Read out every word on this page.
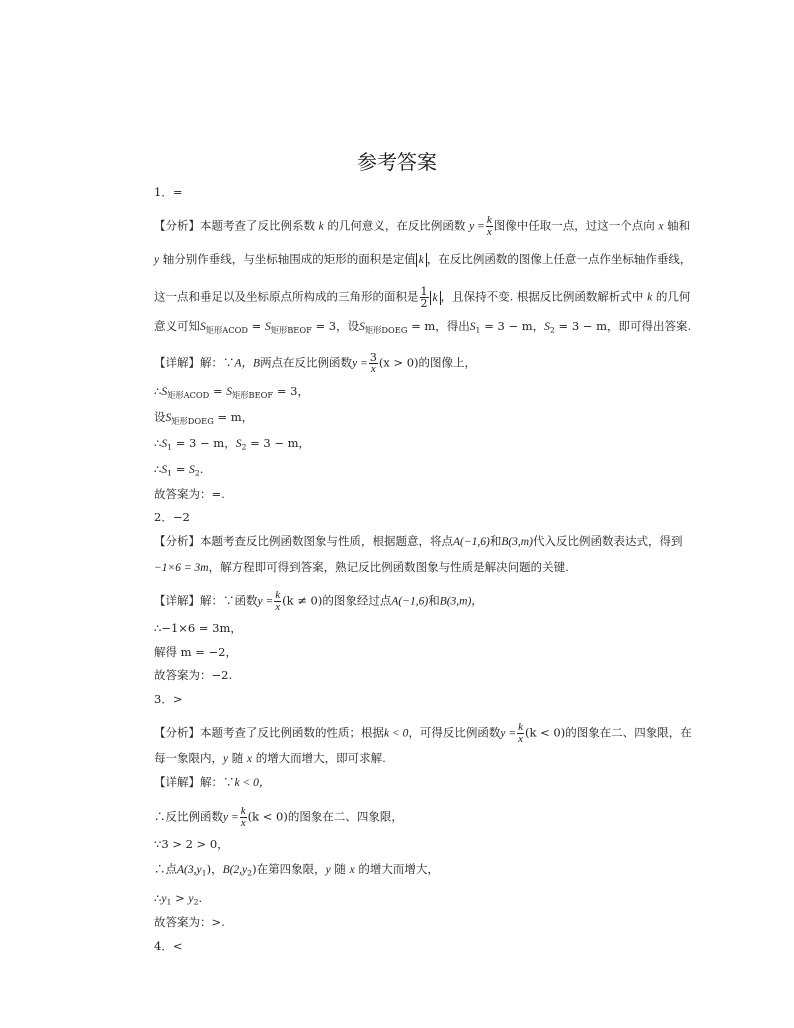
参考答案
1．=
【分析】本题考查了反比例系数 k 的几何意义，在反比例函数 $y = \frac{k}{x}$ 图像中任取一点，过这一个点向 x 轴和
y 轴分别作垂线，与坐标轴围成的矩形的面积是定值 k ，在反比例函数的图像上任意一点作坐标轴作垂线，
这一点和垂足以及坐标原点所构成的三角形的面积是 $\frac{1}{2}$ k ，且保持不变. 根据反比例函数解析式中 k 的几何
意义可知$S_{矩形ACOD} = S_{矩形BEOF} = 3$，设$S_{矩形DOEG} = m$，得出$S_1 = 3 - m$，$S_2 = 3 - m$，即可得出答案.
【详解】解：∵A，B两点在反比例函数$y = \frac{3}{x} (x > 0)$的图像上，
$\therefore S_{矩形ACOD} = S_{矩形BEOF} = 3$，
设$S_{矩形DOEG} = m$，
$\therefore S_1 = 3 - m$，$S_2 = 3 - m$，
$\therefore S_1 = S_2$.
故答案为：=.
2．−2
【分析】本题考查反比例函数图象与性质，根据题意，将点A(−1,6)和B(3,m)代入反比例函数表达式，得到
−1×6 = 3m，解方程即可得到答案，熟记反比例函数图象与性质是解决问题的关键.
【详解】解：∵函数$y = \frac{k}{x} (k \ne 0)$的图象经过点A(−1,6)和B(3,m)，
∴−1×6 = 3m，
解得 m = −2，
故答案为：−2.
3．>
【分析】本题考查了反比例函数的性质；根据k < 0，可得反比例函数$y = \frac{k}{x} (k < 0)$的图象在二、四象限，在
每一象限内，y 随 x 的增大而增大，即可求解.
【详解】解：∵k < 0，
∴反比例函数$y = \frac{k}{x} (k < 0)$的图象在二、四象限，
∵3 > 2 > 0，
∴点$A(3,y_1)$，$B(2,y_2)$在第四象限，y 随 x 的增大而增大，
$\therefore y_1 > y_2$.
故答案为：>.
4．<
